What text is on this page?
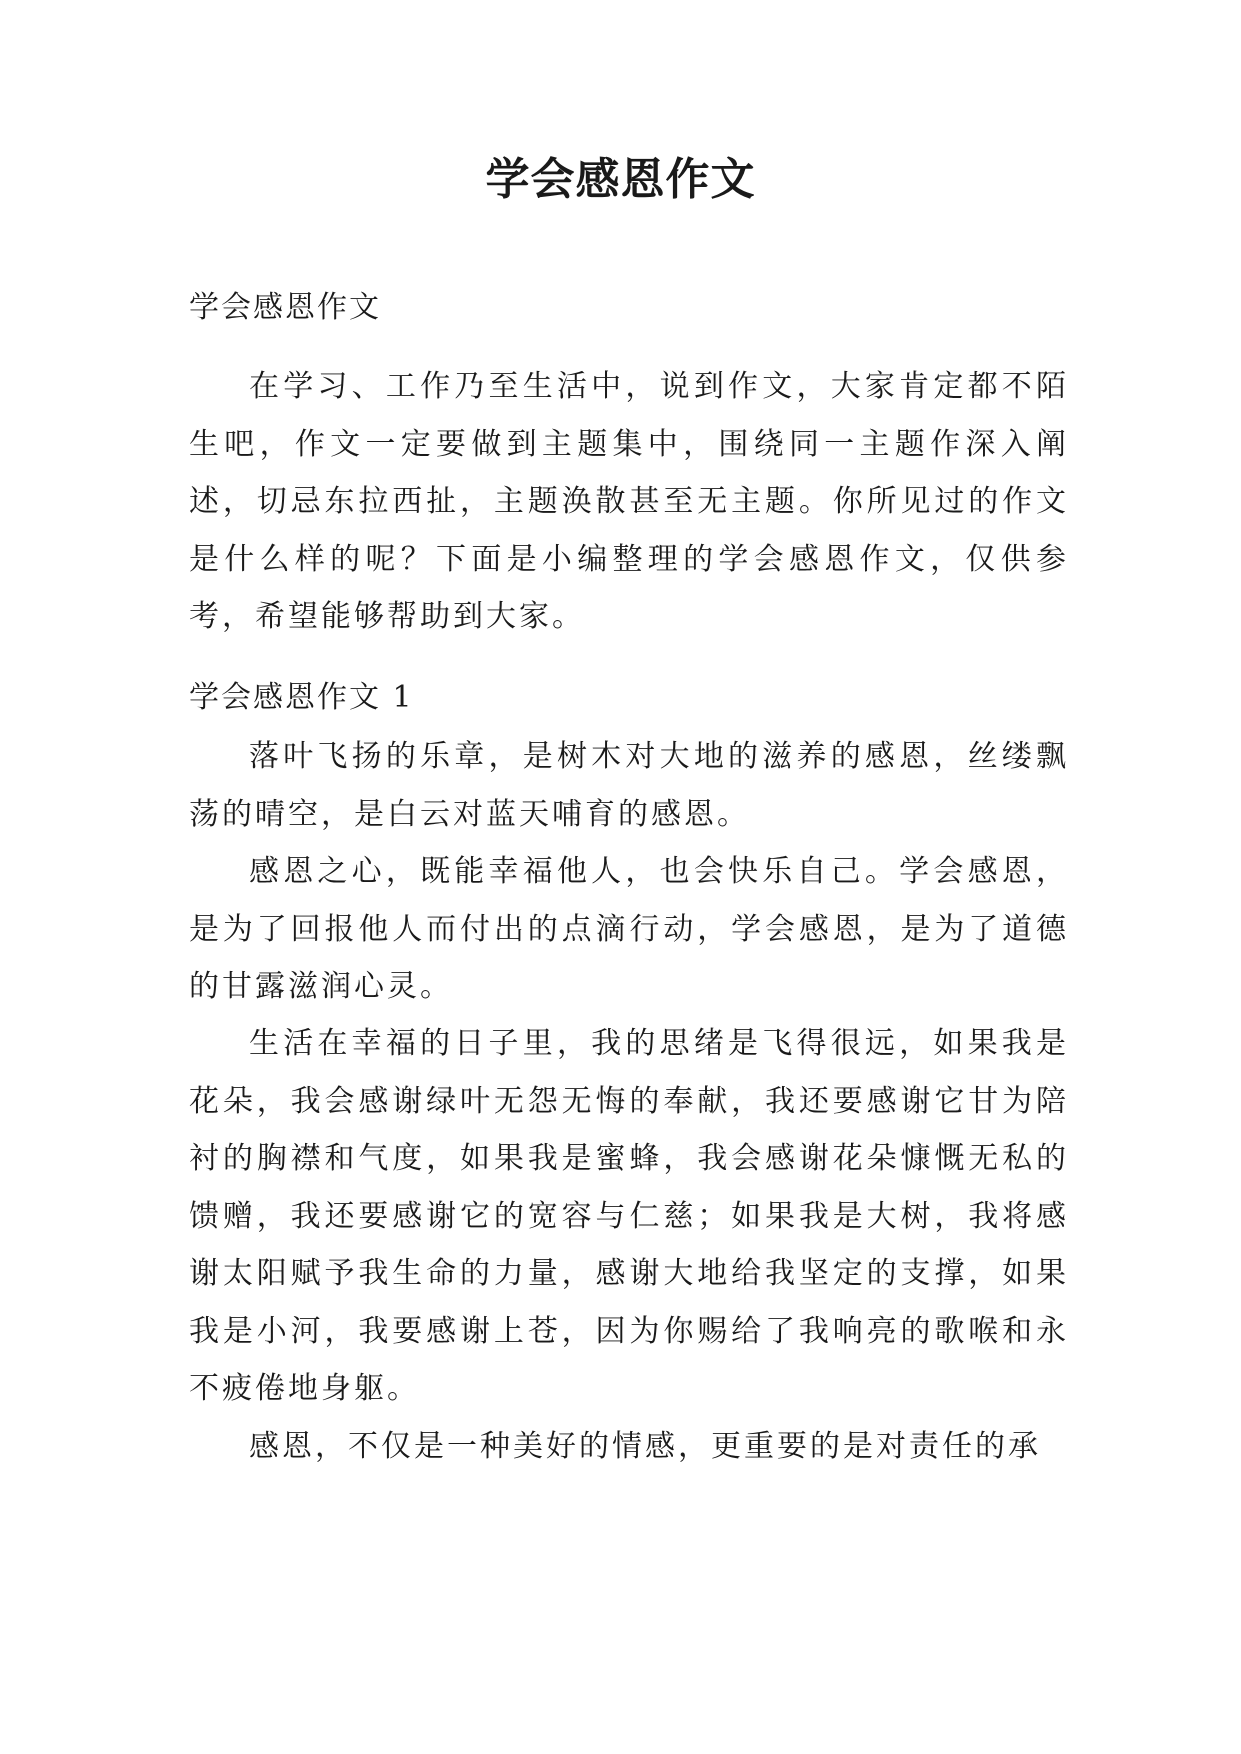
学会感恩作文

学会感恩作文

在学习、工作乃至生活中，说到作文，大家肯定都不陌生吧，作文一定要做到主题集中，围绕同一主题作深入阐述，切忌东拉西扯，主题涣散甚至无主题。你所见过的作文是什么样的呢？下面是小编整理的学会感恩作文，仅供参考，希望能够帮助到大家。

学会感恩作文 1

落叶飞扬的乐章，是树木对大地的滋养的感恩，丝缕飘荡的晴空，是白云对蓝天哺育的感恩。

感恩之心，既能幸福他人，也会快乐自己。学会感恩，是为了回报他人而付出的点滴行动，学会感恩，是为了道德的甘露滋润心灵。

生活在幸福的日子里，我的思绪是飞得很远，如果我是花朵，我会感谢绿叶无怨无悔的奉献，我还要感谢它甘为陪衬的胸襟和气度，如果我是蜜蜂，我会感谢花朵慷慨无私的馈赠，我还要感谢它的宽容与仁慈；如果我是大树，我将感谢太阳赋予我生命的力量，感谢大地给我坚定的支撑，如果我是小河，我要感谢上苍，因为你赐给了我响亮的歌喉和永不疲倦地身躯。

感恩，不仅是一种美好的情感，更重要的是对责任的承
